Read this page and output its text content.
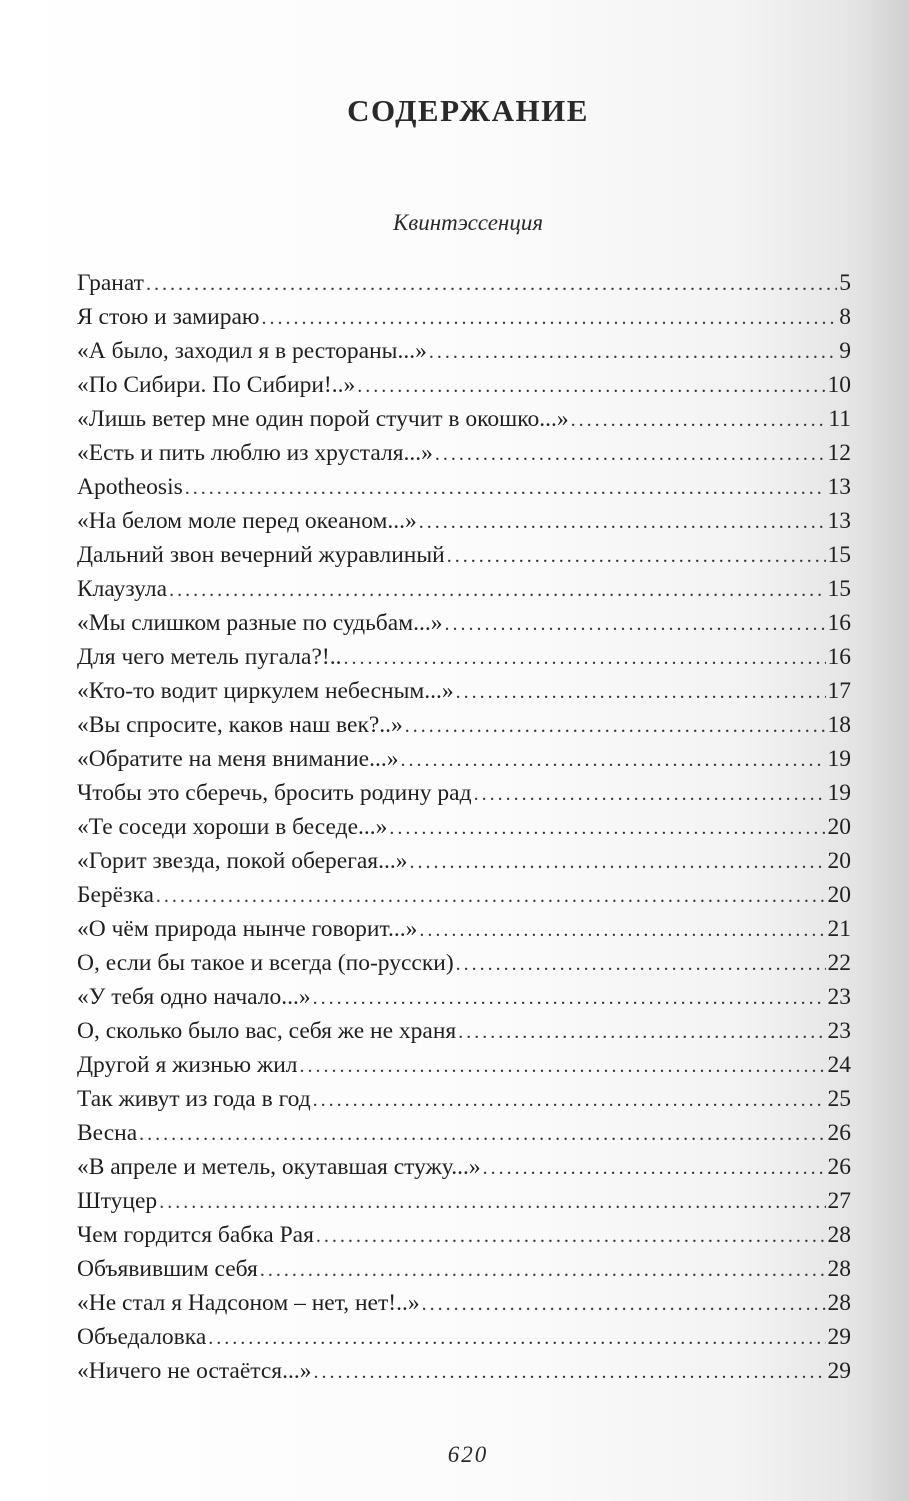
СОДЕРЖАНИЕ
Квинтэссенция
Гранат . . .	5
Я стою и замираю . . .	8
«А было, заходил я в рестораны...» . . .	9
«По Сибири. По Сибири!..» . . .	10
«Лишь ветер мне один порой стучит в окошко...» . . .	11
«Есть и пить люблю из хрусталя...» . . .	12
Apotheosis . . .	13
«На белом моле перед океаном...» . . .	13
Дальний звон вечерний журавлиный . . .	15
Клаузула . . .	15
«Мы слишком разные по судьбам...» . . .	16
Для чего метель пугала?!.. . . .	16
«Кто-то водит циркулем небесным...» . . .	17
«Вы спросите, каков наш век?..» . . .	18
«Обратите на меня внимание...» . . .	19
Чтобы это сберечь, бросить родину рад . . .	19
«Те соседи хороши в беседе...» . . .	20
«Горит звезда, покой оберегая...» . . .	20
Берёзка . . .	20
«О чём природа нынче говорит...» . . .	21
О, если бы такое и всегда (по-русски) . . .	22
«У тебя одно начало...» . . .	23
О, сколько было вас, себя же не храня . . .	23
Другой я жизнью жил . . .	24
Так живут из года в год . . .	25
Весна . . .	26
«В апреле и метель, окутавшая стужу...» . . .	26
Штуцер . . .	27
Чем гордится бабка Рая . . .	28
Объявившим себя . . .	28
«Не стал я Надсоном – нет, нет!..» . . .	28
Объедаловка . . .	29
«Ничего не остаётся...» . . .	29
620
